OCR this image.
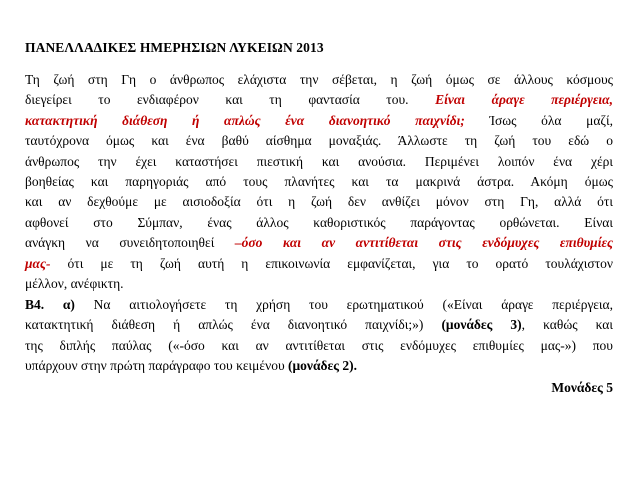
ΠΑΝΕΛΛΑΔΙΚΕΣ ΗΜΕΡΗΣΙΩΝ ΛΥΚΕΙΩΝ 2013
Τη ζωή στη Γη ο άνθρωπος ελάχιστα την σέβεται, η ζωή όμως σε άλλους κόσμους
διεγείρει το ενδιαφέρον και τη φαντασία του. Είναι άραγε περιέργεια,
κατακτητική διάθεση ή απλώς ένα διανοητικό παιχνίδι; Ίσως όλα μαζί,
ταυτόχρονα όμως και ένα βαθύ αίσθημα μοναξιάς. Άλλωστε τη ζωή του εδώ ο
άνθρωπος την έχει καταστήσει πιεστική και ανούσια. Περιμένει λοιπόν ένα χέρι
βοηθείας και παρηγοριάς από τους πλανήτες και τα μακρινά άστρα. Ακόμη όμως
και αν δεχθούμε με αισιοδοξία ότι η ζωή δεν ανθίζει μόνον στη Γη, αλλά ότι
αφθονεί στο Σύμπαν, ένας άλλος καθοριστικός παράγοντας ορθώνεται. Είναι
ανάγκη να συνειδητοποιηθεί –όσο και αν αντιτίθεται στις ενδόμυχες επιθυμίες
μας- ότι με τη ζωή αυτή η επικοινωνία εμφανίζεται, για το ορατό τουλάχιστον
μέλλον, ανέφικτη.
Β4. α) Να αιτιολογήσετε τη χρήση του ερωτηματικού («Είναι άραγε περιέργεια,
κατακτητική διάθεση ή απλώς ένα διανοητικό παιχνίδι;») (μονάδες 3), καθώς και
της διπλής παύλας («-όσο και αν αντιτίθεται στις ενδόμυχες επιθυμίες μας-») που
υπάρχουν στην πρώτη παράγραφο του κειμένου (μονάδες 2).
Μονάδες 5
